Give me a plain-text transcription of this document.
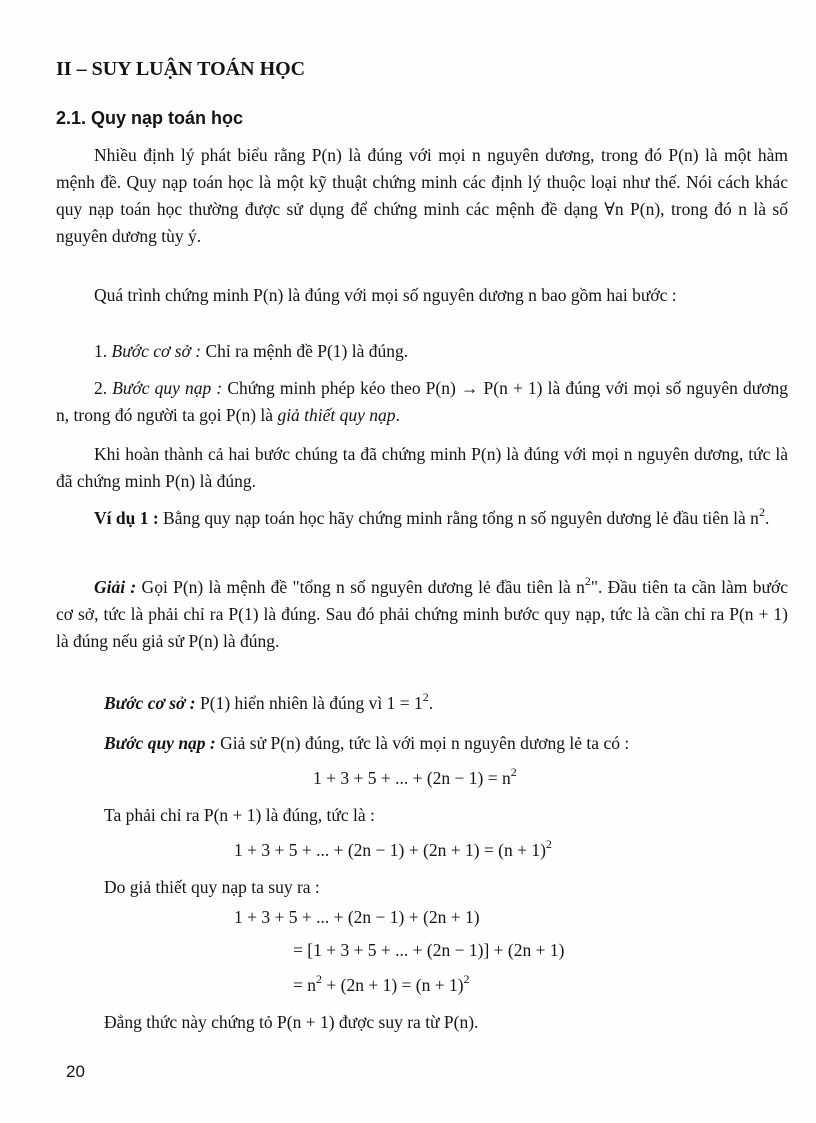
II – SUY LUẬN TOÁN HỌC
2.1. Quy nạp toán học
Nhiều định lý phát biểu rằng P(n) là đúng với mọi n nguyên dương, trong đó P(n) là một hàm mệnh đề. Quy nạp toán học là một kỹ thuật chứng minh các định lý thuộc loại như thế. Nói cách khác quy nạp toán học thường được sử dụng để chứng minh các mệnh đề dạng ∀n P(n), trong đó n là số nguyên dương tùy ý.
Quá trình chứng minh P(n) là đúng với mọi số nguyên dương n bao gồm hai bước :
1. Bước cơ sở : Chỉ ra mệnh đề P(1) là đúng.
2. Bước quy nạp : Chứng minh phép kéo theo P(n) → P(n + 1) là đúng với mọi số nguyên dương n, trong đó người ta gọi P(n) là giả thiết quy nạp.
Khi hoàn thành cả hai bước chúng ta đã chứng minh P(n) là đúng với mọi n nguyên dương, tức là đã chứng minh P(n) là đúng.
Ví dụ 1 : Bằng quy nạp toán học hãy chứng minh rằng tổng n số nguyên dương lẻ đầu tiên là $n^2$.
Giải : Gọi P(n) là mệnh đề "tổng n số nguyên dương lẻ đầu tiên là $n^2$". Đầu tiên ta cần làm bước cơ sở, tức là phải chỉ ra P(1) là đúng. Sau đó phải chứng minh bước quy nạp, tức là cần chỉ ra P(n + 1) là đúng nếu giả sử P(n) là đúng.
Bước cơ sở : P(1) hiển nhiên là đúng vì $1 = 1^2$.
Bước quy nạp : Giả sử P(n) đúng, tức là với mọi n nguyên dương lẻ ta có :
1 + 3 + 5 + ... + $(2n - 1) = n^2$
Ta phải chỉ ra P(n + 1) là đúng, tức là :
1 + 3 + 5 + ... + $(2n - 1) + (2n + 1) = (n + 1)^2$
Do giả thiết quy nạp ta suy ra :
1 + 3 + 5 + ... + (2n − 1) + (2n + 1)
= [1 + 3 + 5 + ... + (2n − 1)] + (2n + 1)
= $n^2 + (2n + 1) = (n + 1)^2$
Đẳng thức này chứng tỏ P(n + 1) được suy ra từ P(n).
20
